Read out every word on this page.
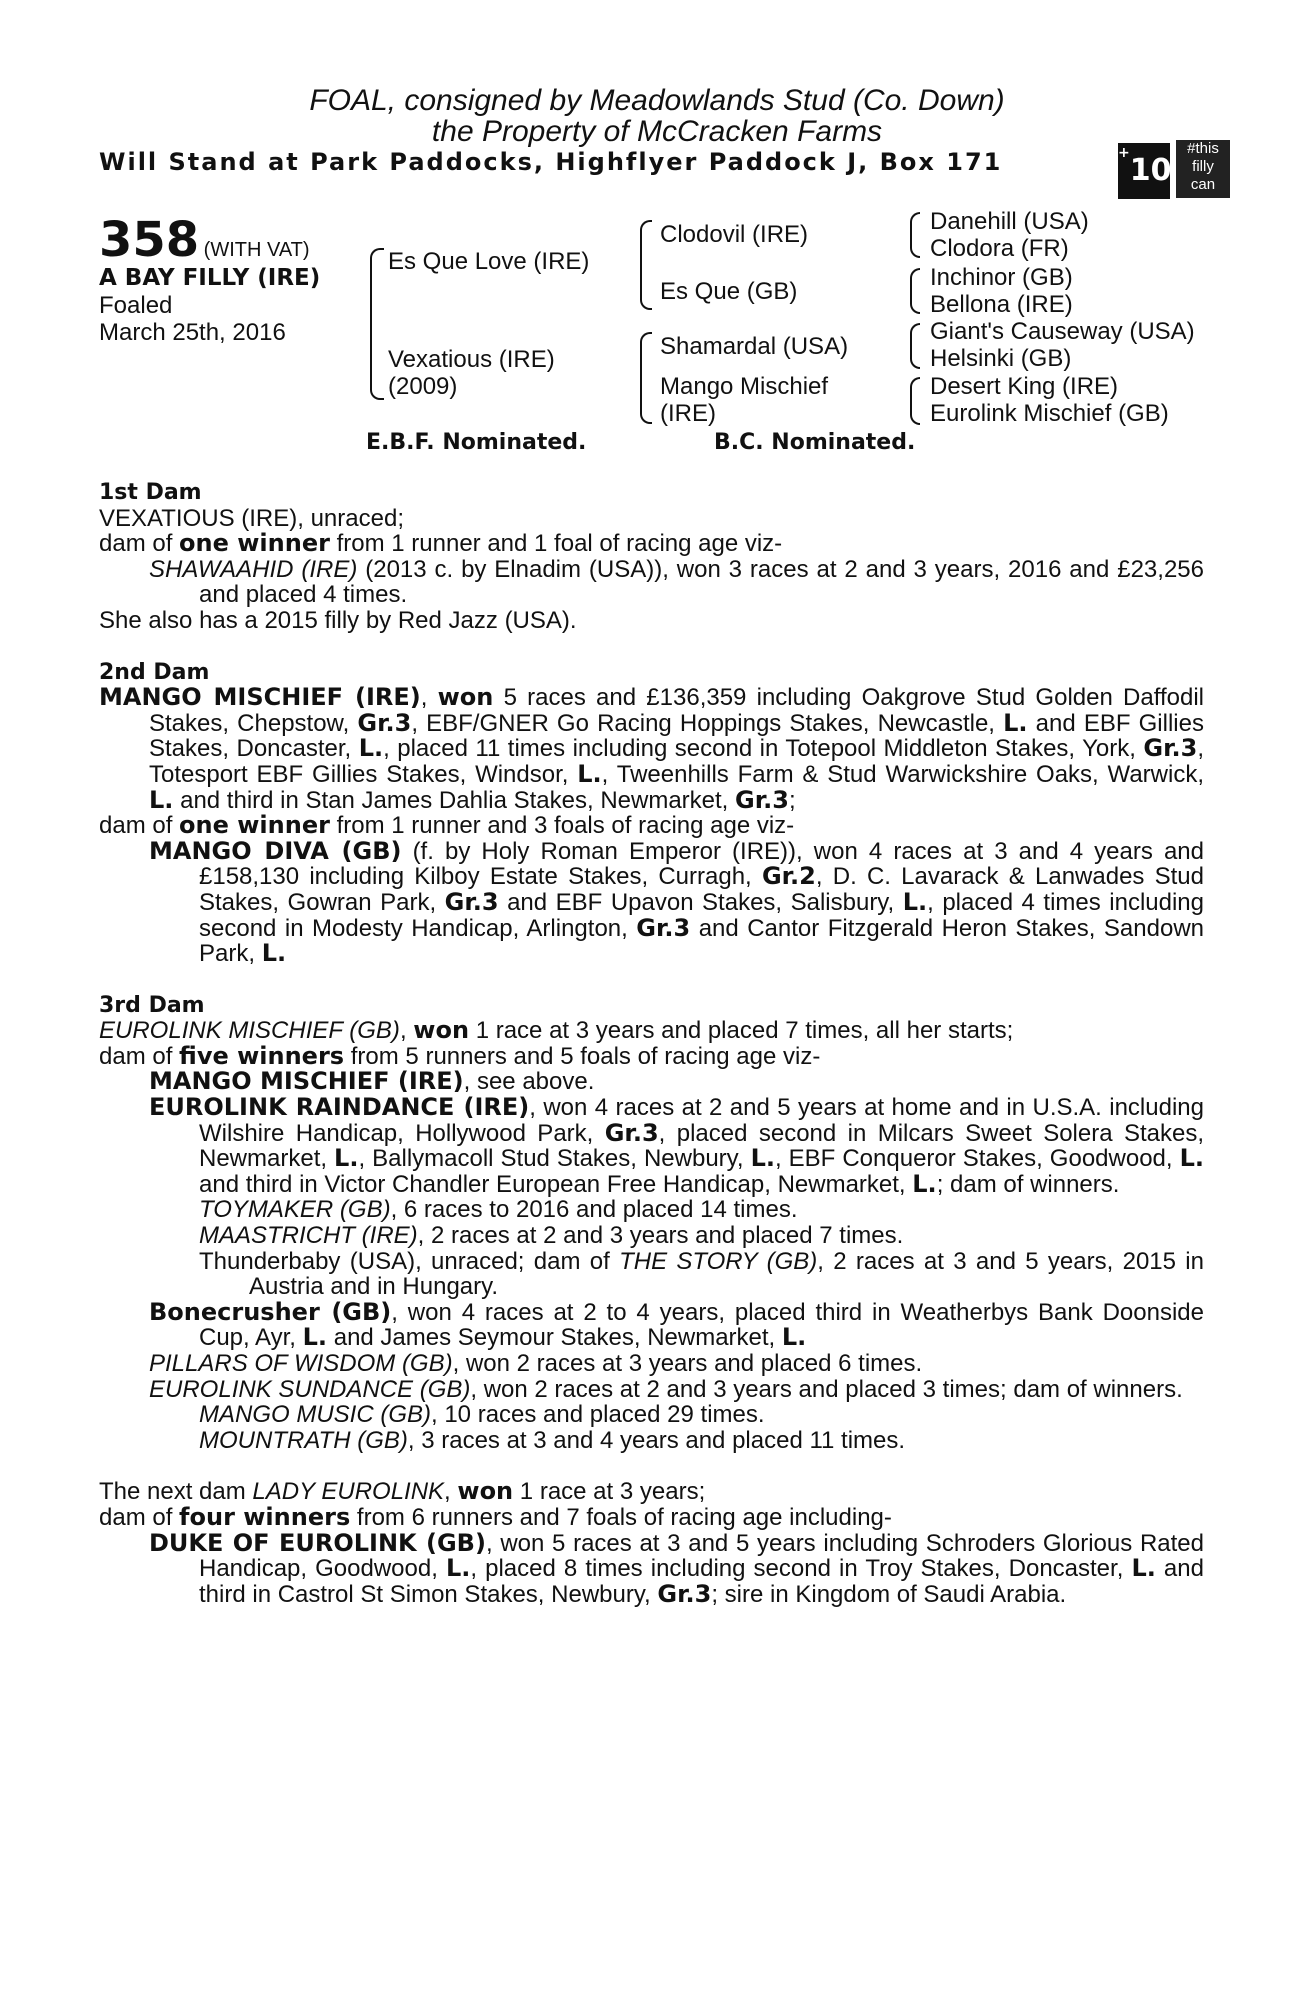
FOAL, consigned by Meadowlands Stud (Co. Down)
the Property of McCracken Farms
Will Stand at Park Paddocks, Highflyer Paddock J, Box 171	+10
#this
filly
can
358 (WITH VAT)
A BAY FILLY (IRE)
Foaled
March 25th, 2016
Es Que Love (IRE)
Vexatious (IRE)
(2009)
Clodovil (IRE)
Es Que (GB)
Shamardal (USA)
Mango Mischief
(IRE)
Danehill (USA)
Clodora (FR)
Inchinor (GB)
Bellona (IRE)
Giant's Causeway (USA)
Helsinki (GB)
Desert King (IRE)
Eurolink Mischief (GB)
E.B.F. Nominated.	B.C. Nominated.

1st Dam

VEXATIOUS (IRE), unraced;

dam of one winner from 1 runner and 1 foal of racing age viz-

SHAWAAHID (IRE) (2013 c. by Elnadim (USA)), won 3 races at 2 and 3 years, 2016 and £23,256 and placed 4 times.

She also has a 2015 filly by Red Jazz (USA).

2nd Dam

MANGO MISCHIEF (IRE), won 5 races and £136,359 including Oakgrove Stud Golden Daffodil Stakes, Chepstow, Gr.3, EBF/GNER Go Racing Hoppings Stakes, Newcastle, L. and EBF Gillies Stakes, Doncaster, L., placed 11 times including second in Totepool Middleton Stakes, York, Gr.3, Totesport EBF Gillies Stakes, Windsor, L., Tweenhills Farm & Stud Warwickshire Oaks, Warwick, L. and third in Stan James Dahlia Stakes, Newmarket, Gr.3;

dam of one winner from 1 runner and 3 foals of racing age viz-

MANGO DIVA (GB) (f. by Holy Roman Emperor (IRE)), won 4 races at 3 and 4 years and £158,130 including Kilboy Estate Stakes, Curragh, Gr.2, D. C. Lavarack & Lanwades Stud Stakes, Gowran Park, Gr.3 and EBF Upavon Stakes, Salisbury, L., placed 4 times including second in Modesty Handicap, Arlington, Gr.3 and Cantor Fitzgerald Heron Stakes, Sandown Park, L.

3rd Dam

EUROLINK MISCHIEF (GB), won 1 race at 3 years and placed 7 times, all her starts;

dam of five winners from 5 runners and 5 foals of racing age viz-

MANGO MISCHIEF (IRE), see above.

EUROLINK RAINDANCE (IRE), won 4 races at 2 and 5 years at home and in U.S.A. including Wilshire Handicap, Hollywood Park, Gr.3, placed second in Milcars Sweet Solera Stakes, Newmarket, L., Ballymacoll Stud Stakes, Newbury, L., EBF Conqueror Stakes, Goodwood, L. and third in Victor Chandler European Free Handicap, Newmarket, L.; dam of winners.

TOYMAKER (GB), 6 races to 2016 and placed 14 times.

MAASTRICHT (IRE), 2 races at 2 and 3 years and placed 7 times.

Thunderbaby (USA), unraced; dam of THE STORY (GB), 2 races at 3 and 5 years, 2015 in Austria and in Hungary.

Bonecrusher (GB), won 4 races at 2 to 4 years, placed third in Weatherbys Bank Doonside Cup, Ayr, L. and James Seymour Stakes, Newmarket, L.

PILLARS OF WISDOM (GB), won 2 races at 3 years and placed 6 times.

EUROLINK SUNDANCE (GB), won 2 races at 2 and 3 years and placed 3 times; dam of winners.

MANGO MUSIC (GB), 10 races and placed 29 times.

MOUNTRATH (GB), 3 races at 3 and 4 years and placed 11 times.

The next dam LADY EUROLINK, won 1 race at 3 years;

dam of four winners from 6 runners and 7 foals of racing age including-

DUKE OF EUROLINK (GB), won 5 races at 3 and 5 years including Schroders Glorious Rated Handicap, Goodwood, L., placed 8 times including second in Troy Stakes, Doncaster, L. and third in Castrol St Simon Stakes, Newbury, Gr.3; sire in Kingdom of Saudi Arabia.
